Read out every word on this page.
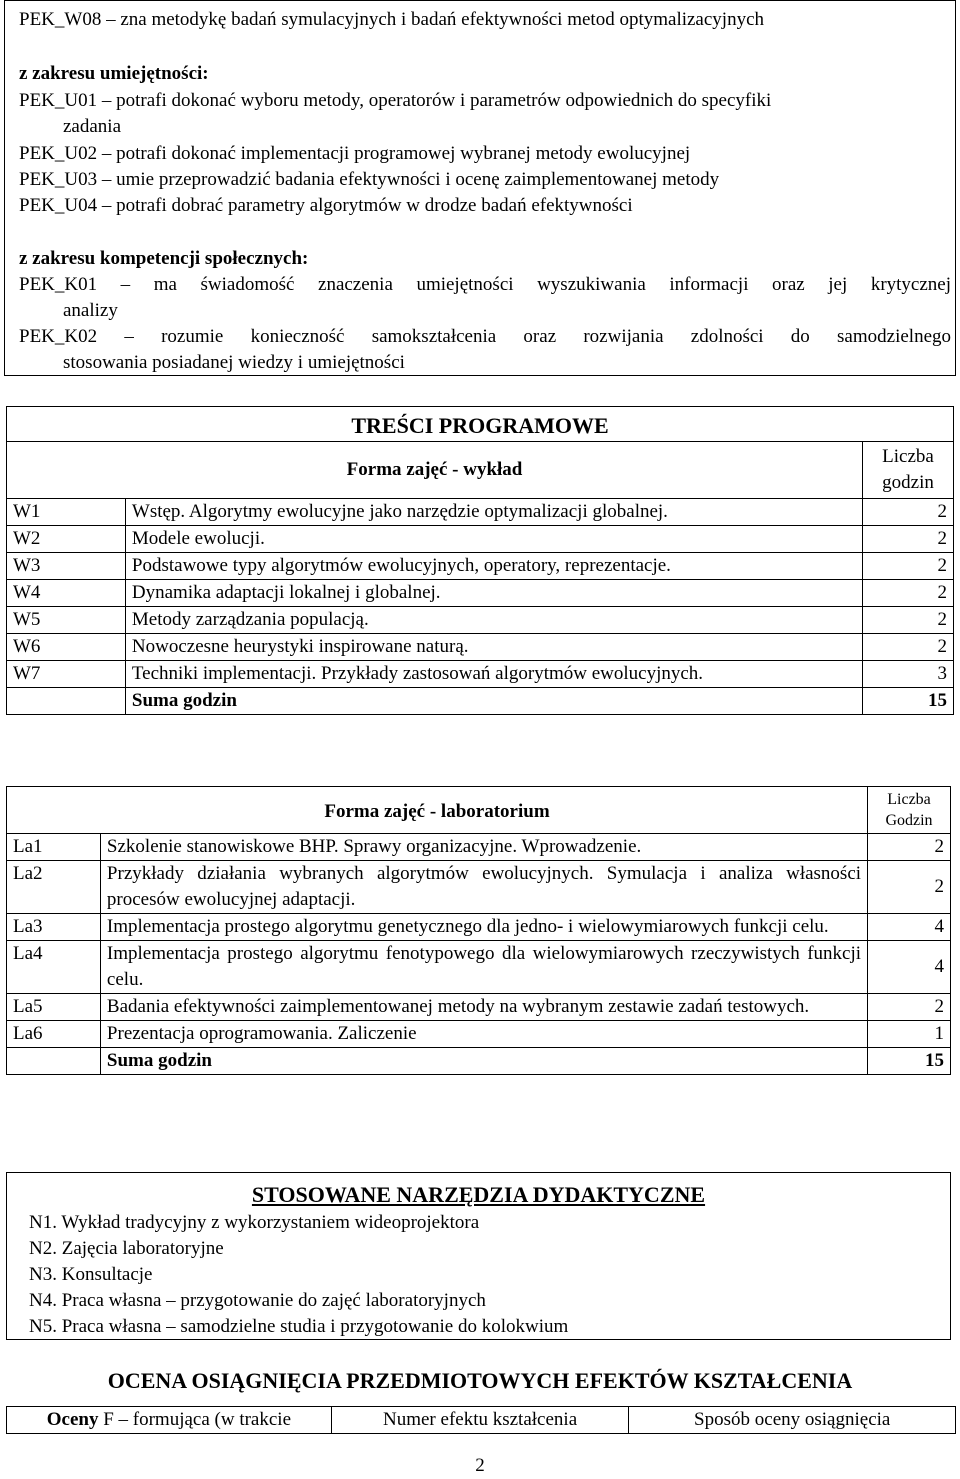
PEK_W08 – zna metodykę badań symulacyjnych i badań efektywności metod optymalizacyjnych
z zakresu umiejętności:
PEK_U01 – potrafi dokonać wyboru metody, operatorów i parametrów odpowiednich do specyfiki
zadania
PEK_U02 – potrafi dokonać implementacji programowej wybranej metody ewolucyjnej
PEK_U03 – umie przeprowadzić badania efektywności i ocenę zaimplementowanej metody
PEK_U04 – potrafi dobrać parametry algorytmów w drodze badań efektywności
z zakresu kompetencji społecznych:
PEK_K01 – ma świadomość znaczenia umiejętności wyszukiwania informacji oraz jej krytycznej
analizy
PEK_K02 – rozumie konieczność samokształcenia oraz rozwijania zdolności do samodzielnego
stosowania posiadanej wiedzy i umiejętności
TREŚCI PROGRAMOWE		
Forma zajęć - wykład		Liczba
godzin

W1	Wstęp. Algorytmy ewolucyjne jako narzędzie optymalizacji globalnej.	2
W2	Modele ewolucji.	2
W3	Podstawowe typy algorytmów ewolucyjnych, operatory, reprezentacje.	2
W4	Dynamika adaptacji lokalnej i globalnej.	2
W5	Metody zarządzania populacją.	2
W6	Nowoczesne heurystyki inspirowane naturą.	2
W7	Techniki implementacji. Przykłady zastosowań algorytmów ewolucyjnych.	3
	Suma godzin	15
Forma zajęć - laboratorium		Liczba
Godzin

La1	Szkolenie stanowiskowe BHP. Sprawy organizacyjne. Wprowadzenie.	2
La2	Przykłady działania wybranych algorytmów ewolucyjnych. Symulacja i analiza własności procesów ewolucyjnej adaptacji.	2
La3	Implementacja prostego algorytmu genetycznego dla jedno- i wielowymiarowych funkcji celu.	4
La4	Implementacja prostego algorytmu fenotypowego dla wielowymiarowych rzeczywistych funkcji celu.	4
La5	Badania efektywności zaimplementowanej metody na wybranym zestawie zadań testowych.	2
La6	Prezentacja oprogramowania. Zaliczenie	1
	Suma godzin	15
STOSOWANE NARZĘDZIA DYDAKTYCZNE
N1. Wykład tradycyjny z wykorzystaniem wideoprojektora
N2. Zajęcia laboratoryjne
N3. Konsultacje
N4. Praca własna – przygotowanie do zajęć laboratoryjnych
N5. Praca własna – samodzielne studia i przygotowanie do kolokwium
OCENA OSIĄGNIĘCIA PRZEDMIOTOWYCH EFEKTÓW KSZTAŁCENIA
Oceny F – formująca (w trakcie	Numer efektu kształcenia	Sposób oceny osiągnięcia
2
